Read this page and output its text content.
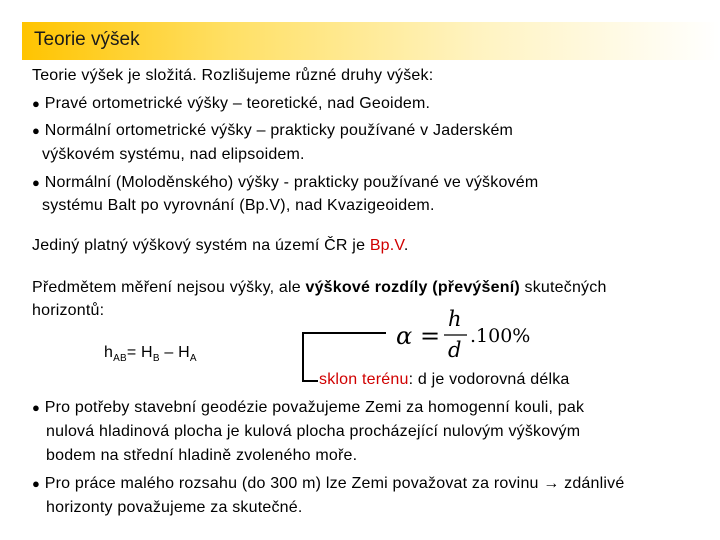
Teorie výšek
Teorie výšek je složitá. Rozlišujeme různé druhy výšek:
● Pravé ortometrické výšky – teoretické, nad Geoidem.
● Normální ortometrické výšky – prakticky používané v Jaderském
výškovém systému, nad elipsoidem.
● Normální (Moloděnského) výšky - prakticky používané ve výškovém
systému Balt po vyrovnání (Bp.V), nad Kvazigeoidem.
Jediný platný výškový systém na území ČR je Bp.V.
Předmětem měření nejsou výšky, ale výškové rozdíly (převýšení) skutečných
horizontů:
$h_{AB}= H_B - H_A$
α =
h
d
.100%
sklon terénu: d je vodorovná délka
● Pro potřeby stavební geodézie považujeme Zemi za homogenní kouli, pak
nulová hladinová plocha je kulová plocha procházející nulovým výškovým
bodem na střední hladině zvoleného moře.
● Pro práce malého rozsahu (do 300 m) lze Zemi považovat za rovinu → zdánlivé
horizonty považujeme za skutečné.
